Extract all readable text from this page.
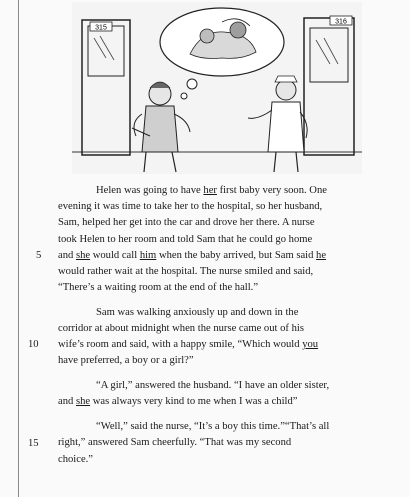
315
316
Helen was going to have her first baby very soon. One
evening it was time to take her to the hospital, so her husband,
Sam, helped her get into the car and drove her there. A nurse
took Helen to her room and told Sam that he could go home
and she would call him when the baby arrived, but Sam said he
would rather wait at the hospital. The nurse smiled and said,
“There’s a waiting room at the end of the hall.”
Sam was walking anxiously up and down in the
corridor at about midnight when the nurse came out of his
wife’s room and said, with a happy smile, “Which would you
have preferred, a boy or a girl?”
“A girl,” answered the husband. “I have an older sister,
and she was always very kind to me when I was a child”
“Well,” said the nurse, “It’s a boy this time.”“That’s all
right,” answered Sam cheerfully. “That was my second
choice.”
5
10
15
